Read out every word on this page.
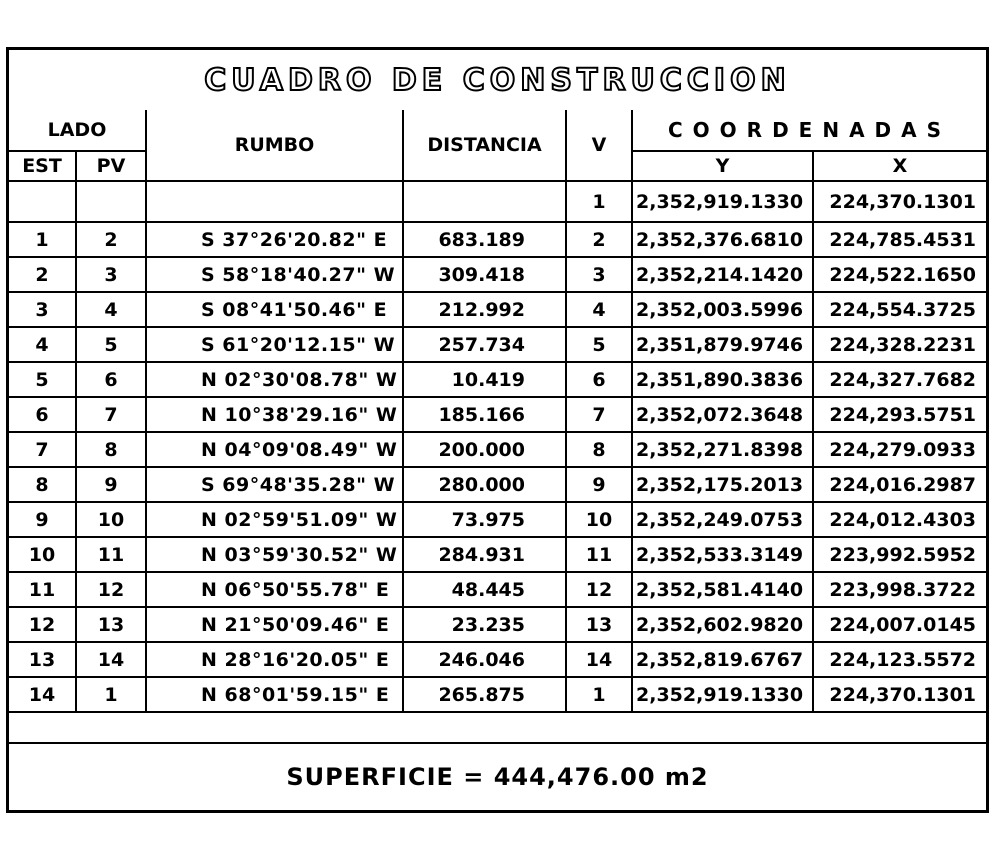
CUADRO DE CONSTRUCCION
LADO		RUMBO	DISTANCIA	V	COORDENADAS	
EST	PV				Y	X
				1	2,352,919.1330	224,370.1301
1	2	S 37°26'20.82" E	683.189	2	2,352,376.6810	224,785.4531
2	3	S 58°18'40.27" W	309.418	3	2,352,214.1420	224,522.1650
3	4	S 08°41'50.46" E	212.992	4	2,352,003.5996	224,554.3725
4	5	S 61°20'12.15" W	257.734	5	2,351,879.9746	224,328.2231
5	6	N 02°30'08.78" W	10.419	6	2,351,890.3836	224,327.7682
6	7	N 10°38'29.16" W	185.166	7	2,352,072.3648	224,293.5751
7	8	N 04°09'08.49" W	200.000	8	2,352,271.8398	224,279.0933
8	9	S 69°48'35.28" W	280.000	9	2,352,175.2013	224,016.2987
9	10	N 02°59'51.09" W	73.975	10	2,352,249.0753	224,012.4303
10	11	N 03°59'30.52" W	284.931	11	2,352,533.3149	223,992.5952
11	12	N 06°50'55.78" E	48.445	12	2,352,581.4140	223,998.3722
12	13	N 21°50'09.46" E	23.235	13	2,352,602.9820	224,007.0145
13	14	N 28°16'20.05" E	246.046	14	2,352,819.6767	224,123.5572
14	1	N 68°01'59.15" E	265.875	1	2,352,919.1330	224,370.1301
SUPERFICIE = 444,476.00 m2
